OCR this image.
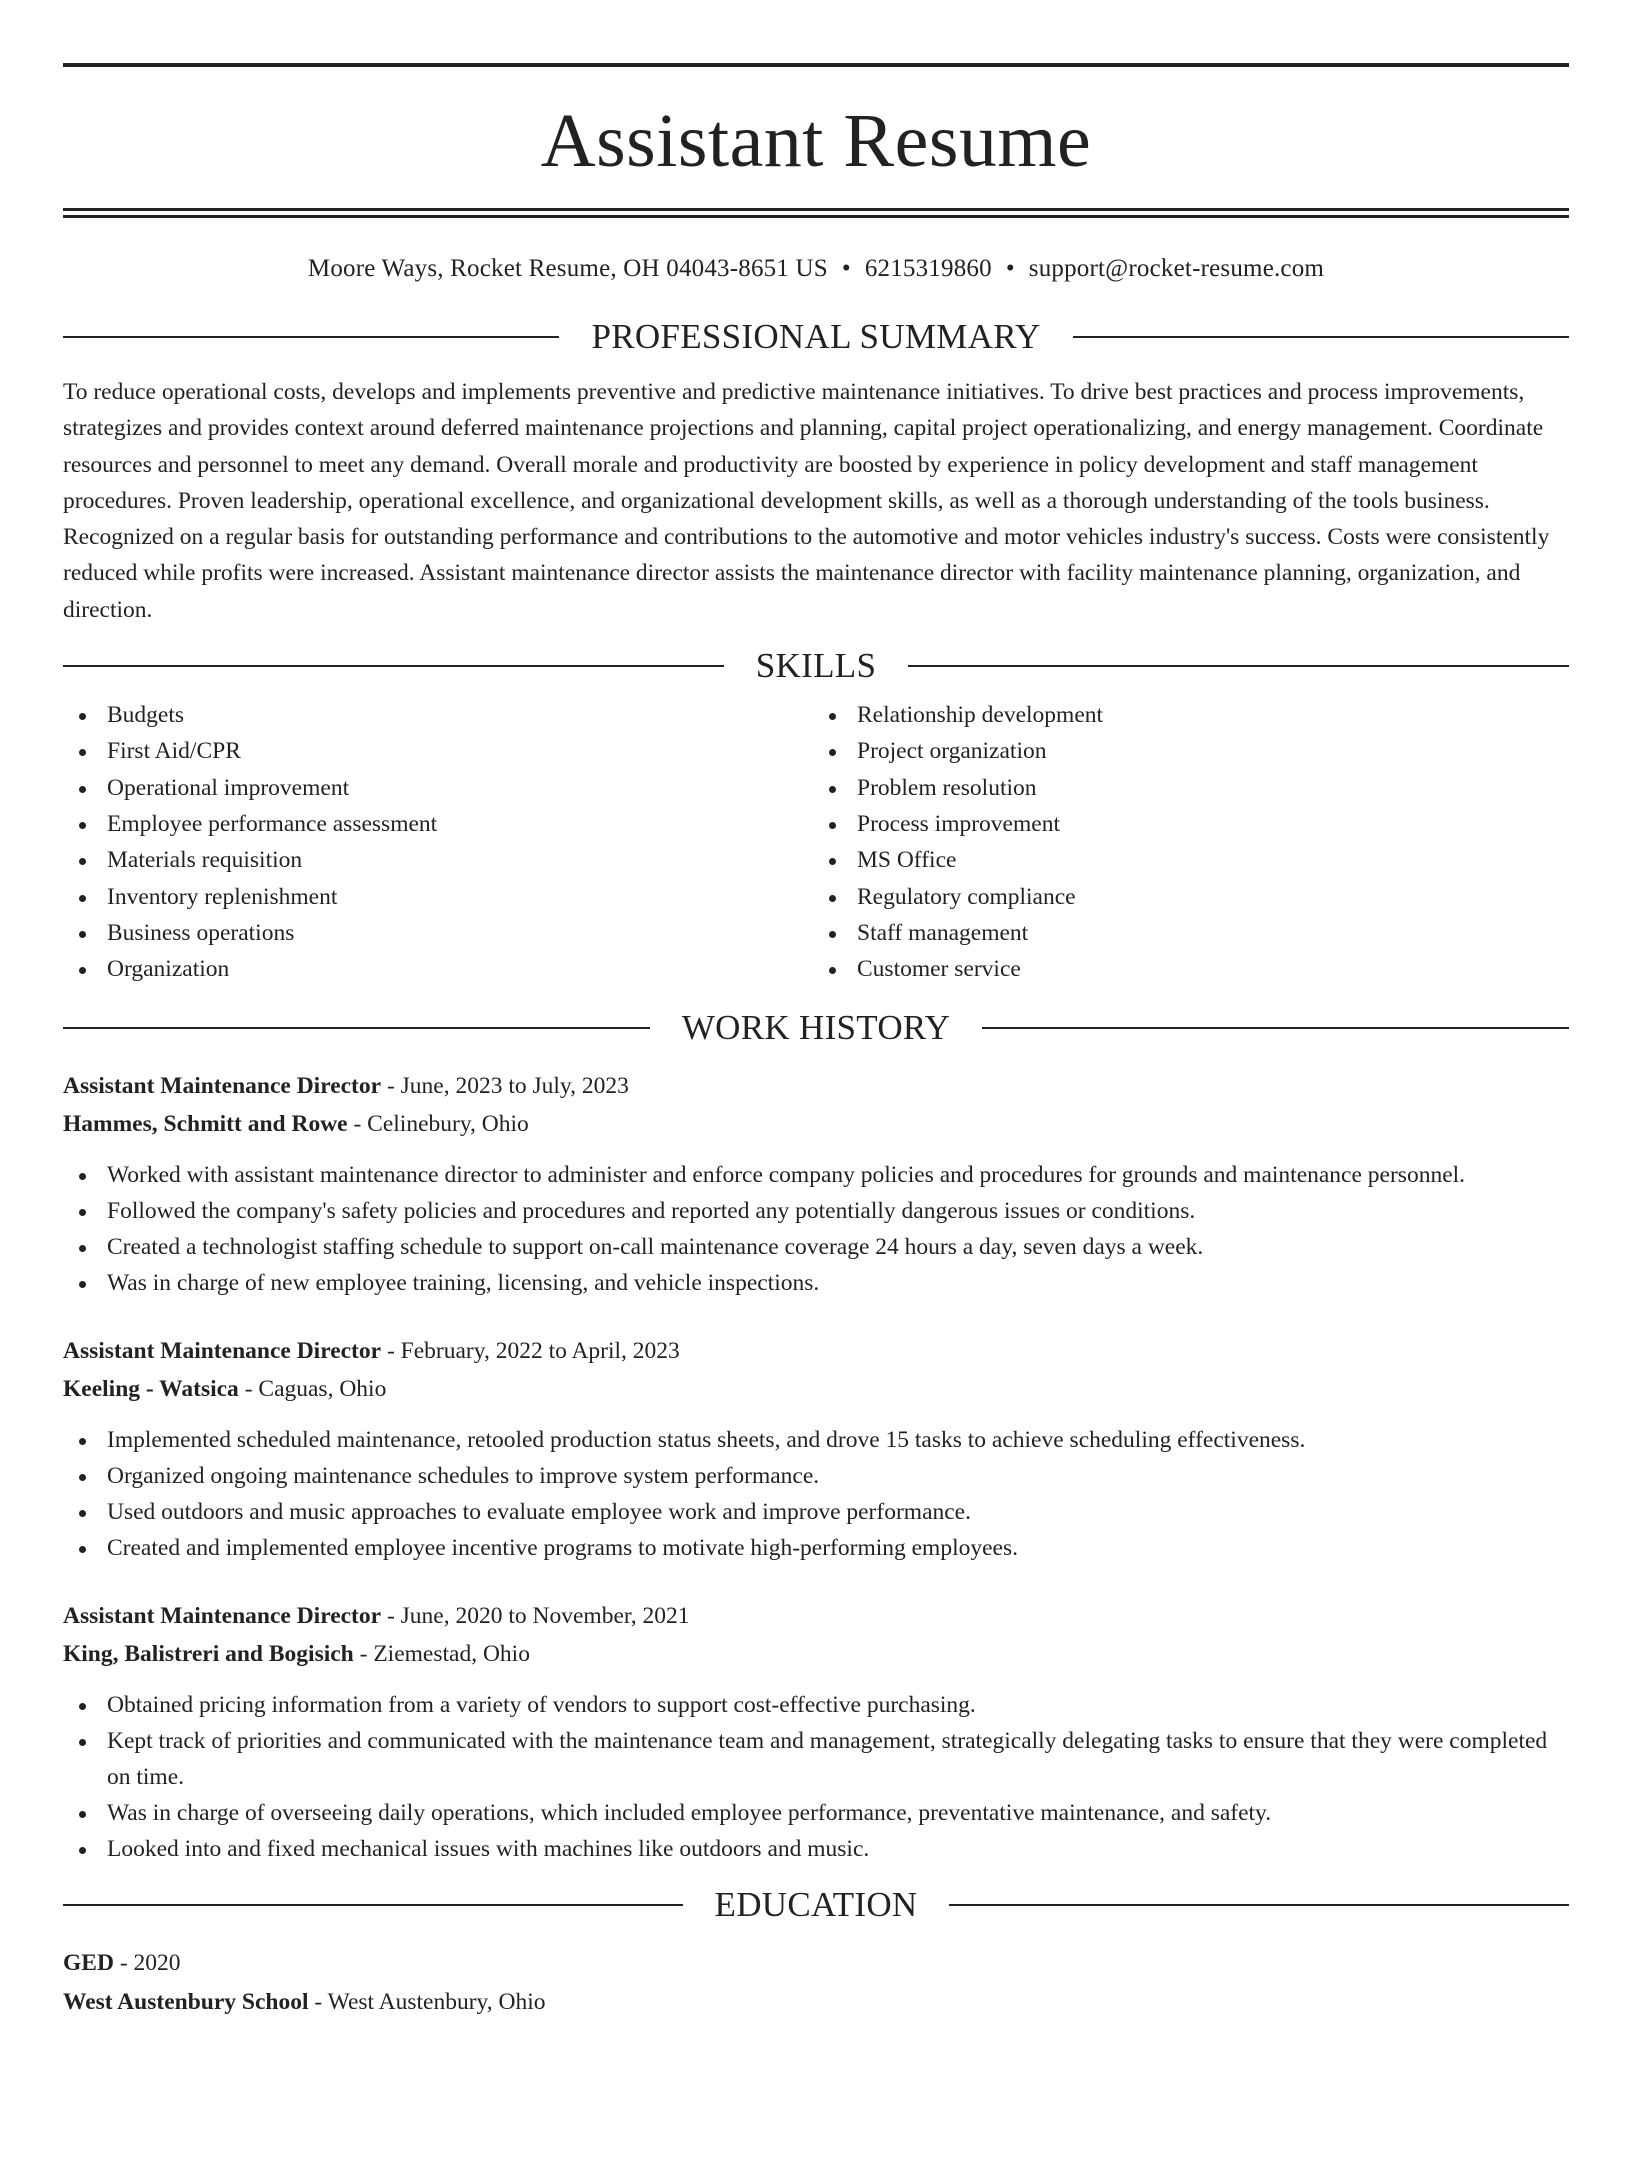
Assistant Resume
Moore Ways, Rocket Resume, OH 04043-8651 US • 6215319860 • support@rocket-resume.com
PROFESSIONAL SUMMARY

To reduce operational costs, develops and implements preventive and predictive maintenance initiatives. To drive best practices and process improvements, strategizes and provides context around deferred maintenance projections and planning, capital project operationalizing, and energy management. Coordinate resources and personnel to meet any demand. Overall morale and productivity are boosted by experience in policy development and staff management procedures. Proven leadership, operational excellence, and organizational development skills, as well as a thorough understanding of the tools business. Recognized on a regular basis for outstanding performance and contributions to the automotive and motor vehicles industry's success. Costs were consistently reduced while profits were increased. Assistant maintenance director assists the maintenance director with facility maintenance planning, organization, and direction.

SKILLS
Budgets
First Aid/CPR
Operational improvement
Employee performance assessment
Materials requisition
Inventory replenishment
Business operations
Organization
Relationship development
Project organization
Problem resolution
Process improvement
MS Office
Regulatory compliance
Staff management
Customer service
WORK HISTORY
Assistant Maintenance Director - June, 2023 to July, 2023
Hammes, Schmitt and Rowe - Celinebury, Ohio
Worked with assistant maintenance director to administer and enforce company policies and procedures for grounds and maintenance personnel.
Followed the company's safety policies and procedures and reported any potentially dangerous issues or conditions.
Created a technologist staffing schedule to support on-call maintenance coverage 24 hours a day, seven days a week.
Was in charge of new employee training, licensing, and vehicle inspections.
Assistant Maintenance Director - February, 2022 to April, 2023
Keeling - Watsica - Caguas, Ohio
Implemented scheduled maintenance, retooled production status sheets, and drove 15 tasks to achieve scheduling effectiveness.
Organized ongoing maintenance schedules to improve system performance.
Used outdoors and music approaches to evaluate employee work and improve performance.
Created and implemented employee incentive programs to motivate high-performing employees.
Assistant Maintenance Director - June, 2020 to November, 2021
King, Balistreri and Bogisich - Ziemestad, Ohio
Obtained pricing information from a variety of vendors to support cost-effective purchasing.
Kept track of priorities and communicated with the maintenance team and management, strategically delegating tasks to ensure that they were completed on time.
Was in charge of overseeing daily operations, which included employee performance, preventative maintenance, and safety.
Looked into and fixed mechanical issues with machines like outdoors and music.
EDUCATION
GED - 2020
West Austenbury School - West Austenbury, Ohio
